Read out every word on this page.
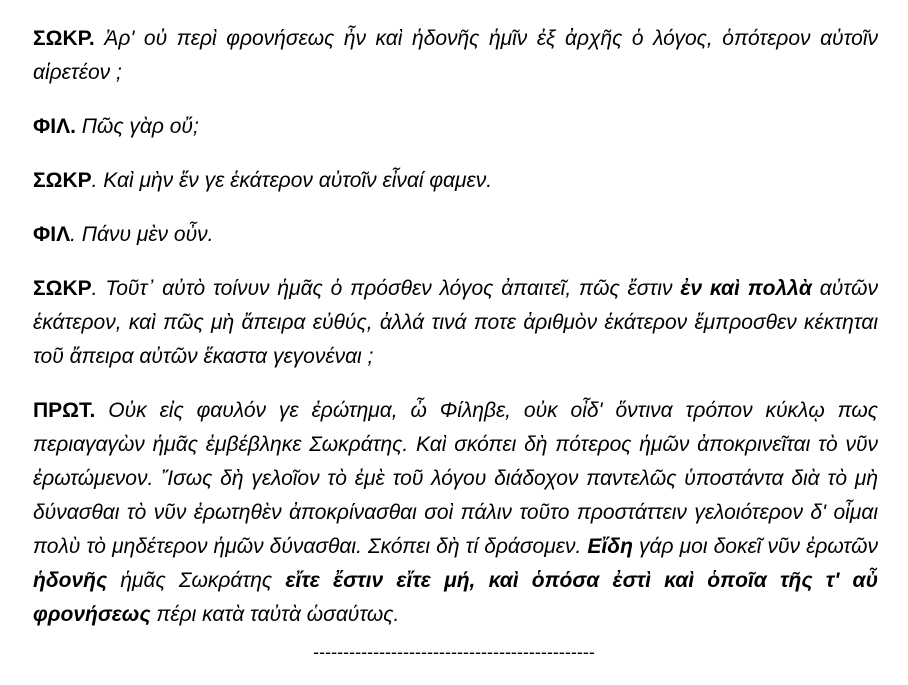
ΣΩΚΡ. Ἀρ' οὐ περὶ φρονήσεως ἦν καὶ ἡδονῆς ἡμῖν ἐξ ἀρχῆς ὁ λόγος, ὁπότερον αὐτοῖν αἱρετέον ;

ΦΙΛ. Πῶς γὰρ οὔ;

ΣΩΚΡ. Καὶ μὴν ἕν γε ἑκάτερον αὐτοῖν εἶναί φαμεν.

ΦΙΛ. Πάνυ μὲν οὖν.

ΣΩΚΡ. Τοῦτ᾽ αὐτὸ τοίνυν ἡμᾶς ὁ πρόσθεν λόγος ἀπαιτεῖ, πῶς ἔστιν ἐν καὶ πολλὰ αὐτῶν ἑκάτερον, καὶ πῶς μὴ ἄπειρα εὐθύς, ἀλλά τινά ποτε ἀριθμὸν ἑκάτερον ἔμπροσθεν κέκτηται τοῦ ἄπειρα αὐτῶν ἕκαστα γεγονέναι ;

ΠΡΩΤ. Οὐκ εἰς φαυλόν γε ἐρώτημα, ὦ Φίληβε, οὐκ οἶδ' ὅντινα τρόπον κύκλῳ πως περιαγαγὼν ἡμᾶς ἐμβέβληκε Σωκράτης. Καὶ σκόπει δὴ πότερος ἡμῶν ἀποκρινεῖται τὸ νῦν ἐρωτώμενον. Ἴσως δὴ γελοῖον τὸ ἐμὲ τοῦ λόγου διάδοχον παντελῶς ὑποστάντα διὰ τὸ μὴ δύνασθαι τὸ νῦν ἐρωτηθὲν ἀποκρίνασθαι σοὶ πάλιν τοῦτο προστάττειν γελοιότερον δ' οἶμαι πολὺ τὸ μηδέτερον ἡμῶν δύνασθαι. Σκόπει δὴ τί δράσομεν. Εἴδη γάρ μοι δοκεῖ νῦν ἐρωτῶν ἡδονῆς ἡμᾶς Σωκράτης εἴτε ἔστιν εἴτε μή, καὶ ὁπόσα ἐστὶ καὶ ὁποῖα τῆς τ' αὖ φρονήσεως πέρι κατὰ ταὐτὰ ὡσαύτως.

-----------------------------------------------
